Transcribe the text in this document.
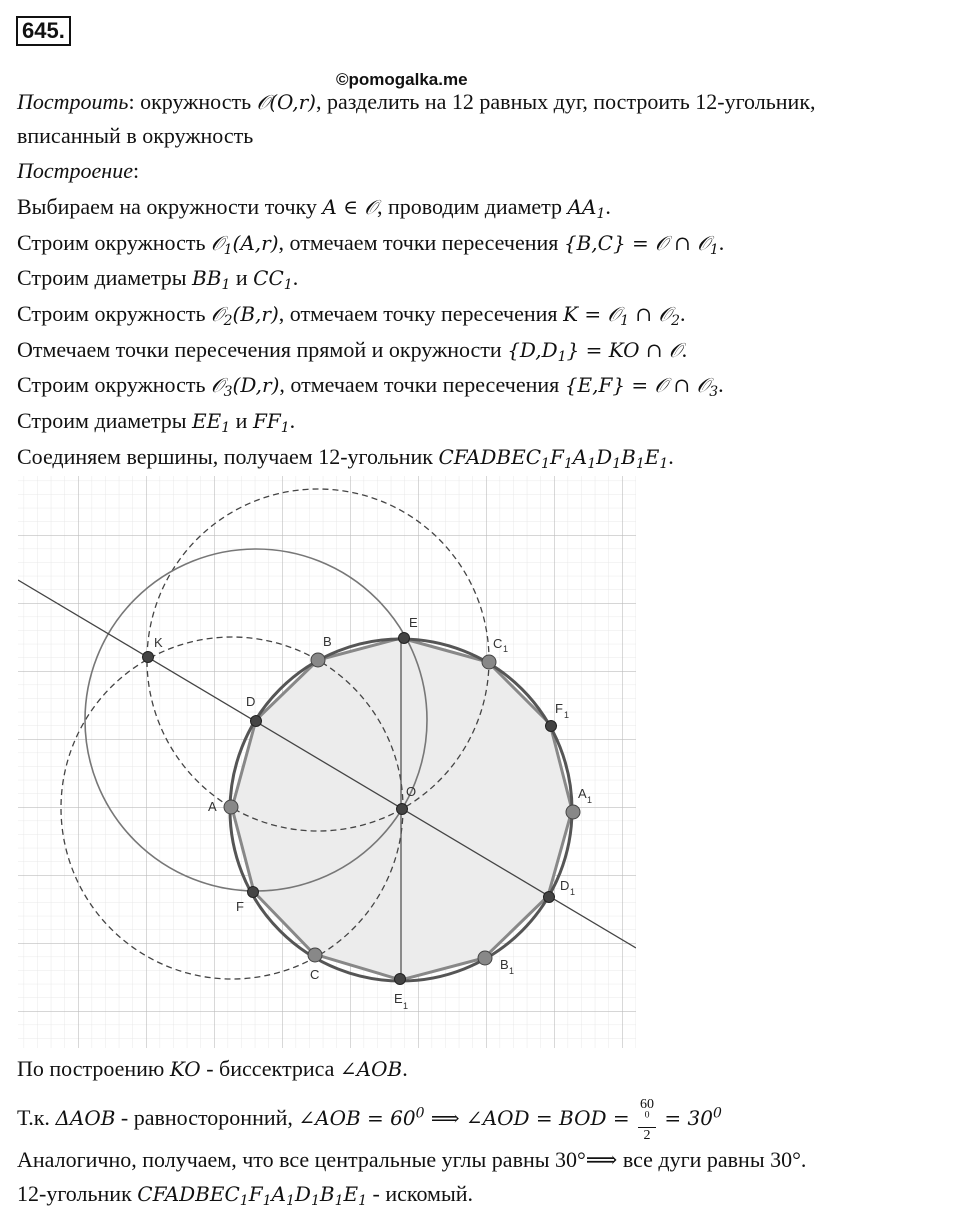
645.
©pomogalka.me
Построить: окружность 𝒪(O,r), разделить на 12 равных дуг, построить 12-угольник,
вписанный в окружность
Построение:
Выбираем на окружности точку A ∈ 𝒪, проводим диаметр $AA_1$.
Строим окружность 𝒪$_1$(A,r), отмечаем точки пересечения {B,C} = 𝒪 ∩ 𝒪$_1$.
Строим диаметры $BB_1$ и $CC_1$.
Строим окружность 𝒪$_2$(B,r), отмечаем точку пересечения K = 𝒪$_1$ ∩ 𝒪$_2$.
Отмечаем точки пересечения прямой и окружности $\{D,D_1\}$ = KO ∩ 𝒪.
Строим окружность 𝒪$_3$(D,r), отмечаем точки пересечения {E,F} = 𝒪 ∩ 𝒪$_3$.
Строим диаметры $EE_1$ и $FF_1$.
Соединяем вершины, получаем 12-угольник $CFADBEC_1F_1A_1D_1B_1E_1$.
K	B
E
C 1
D	F 1
A
O	A 1
F
D 1
C
B 1
E 1
По построению KO - биссектриса ∠AOB.
Т.к. ΔAOB - равносторонний, ∠AOB = $60^0$ ⟹ ∠AOD = BOD = 60
$^0$
$2 = 30^0$
Аналогично, получаем, что все центральные углы равны 30°⟹ все дуги равны 30°.
12-угольник $CFADBEC_1F_1A_1D_1B_1E_1$ - искомый.
